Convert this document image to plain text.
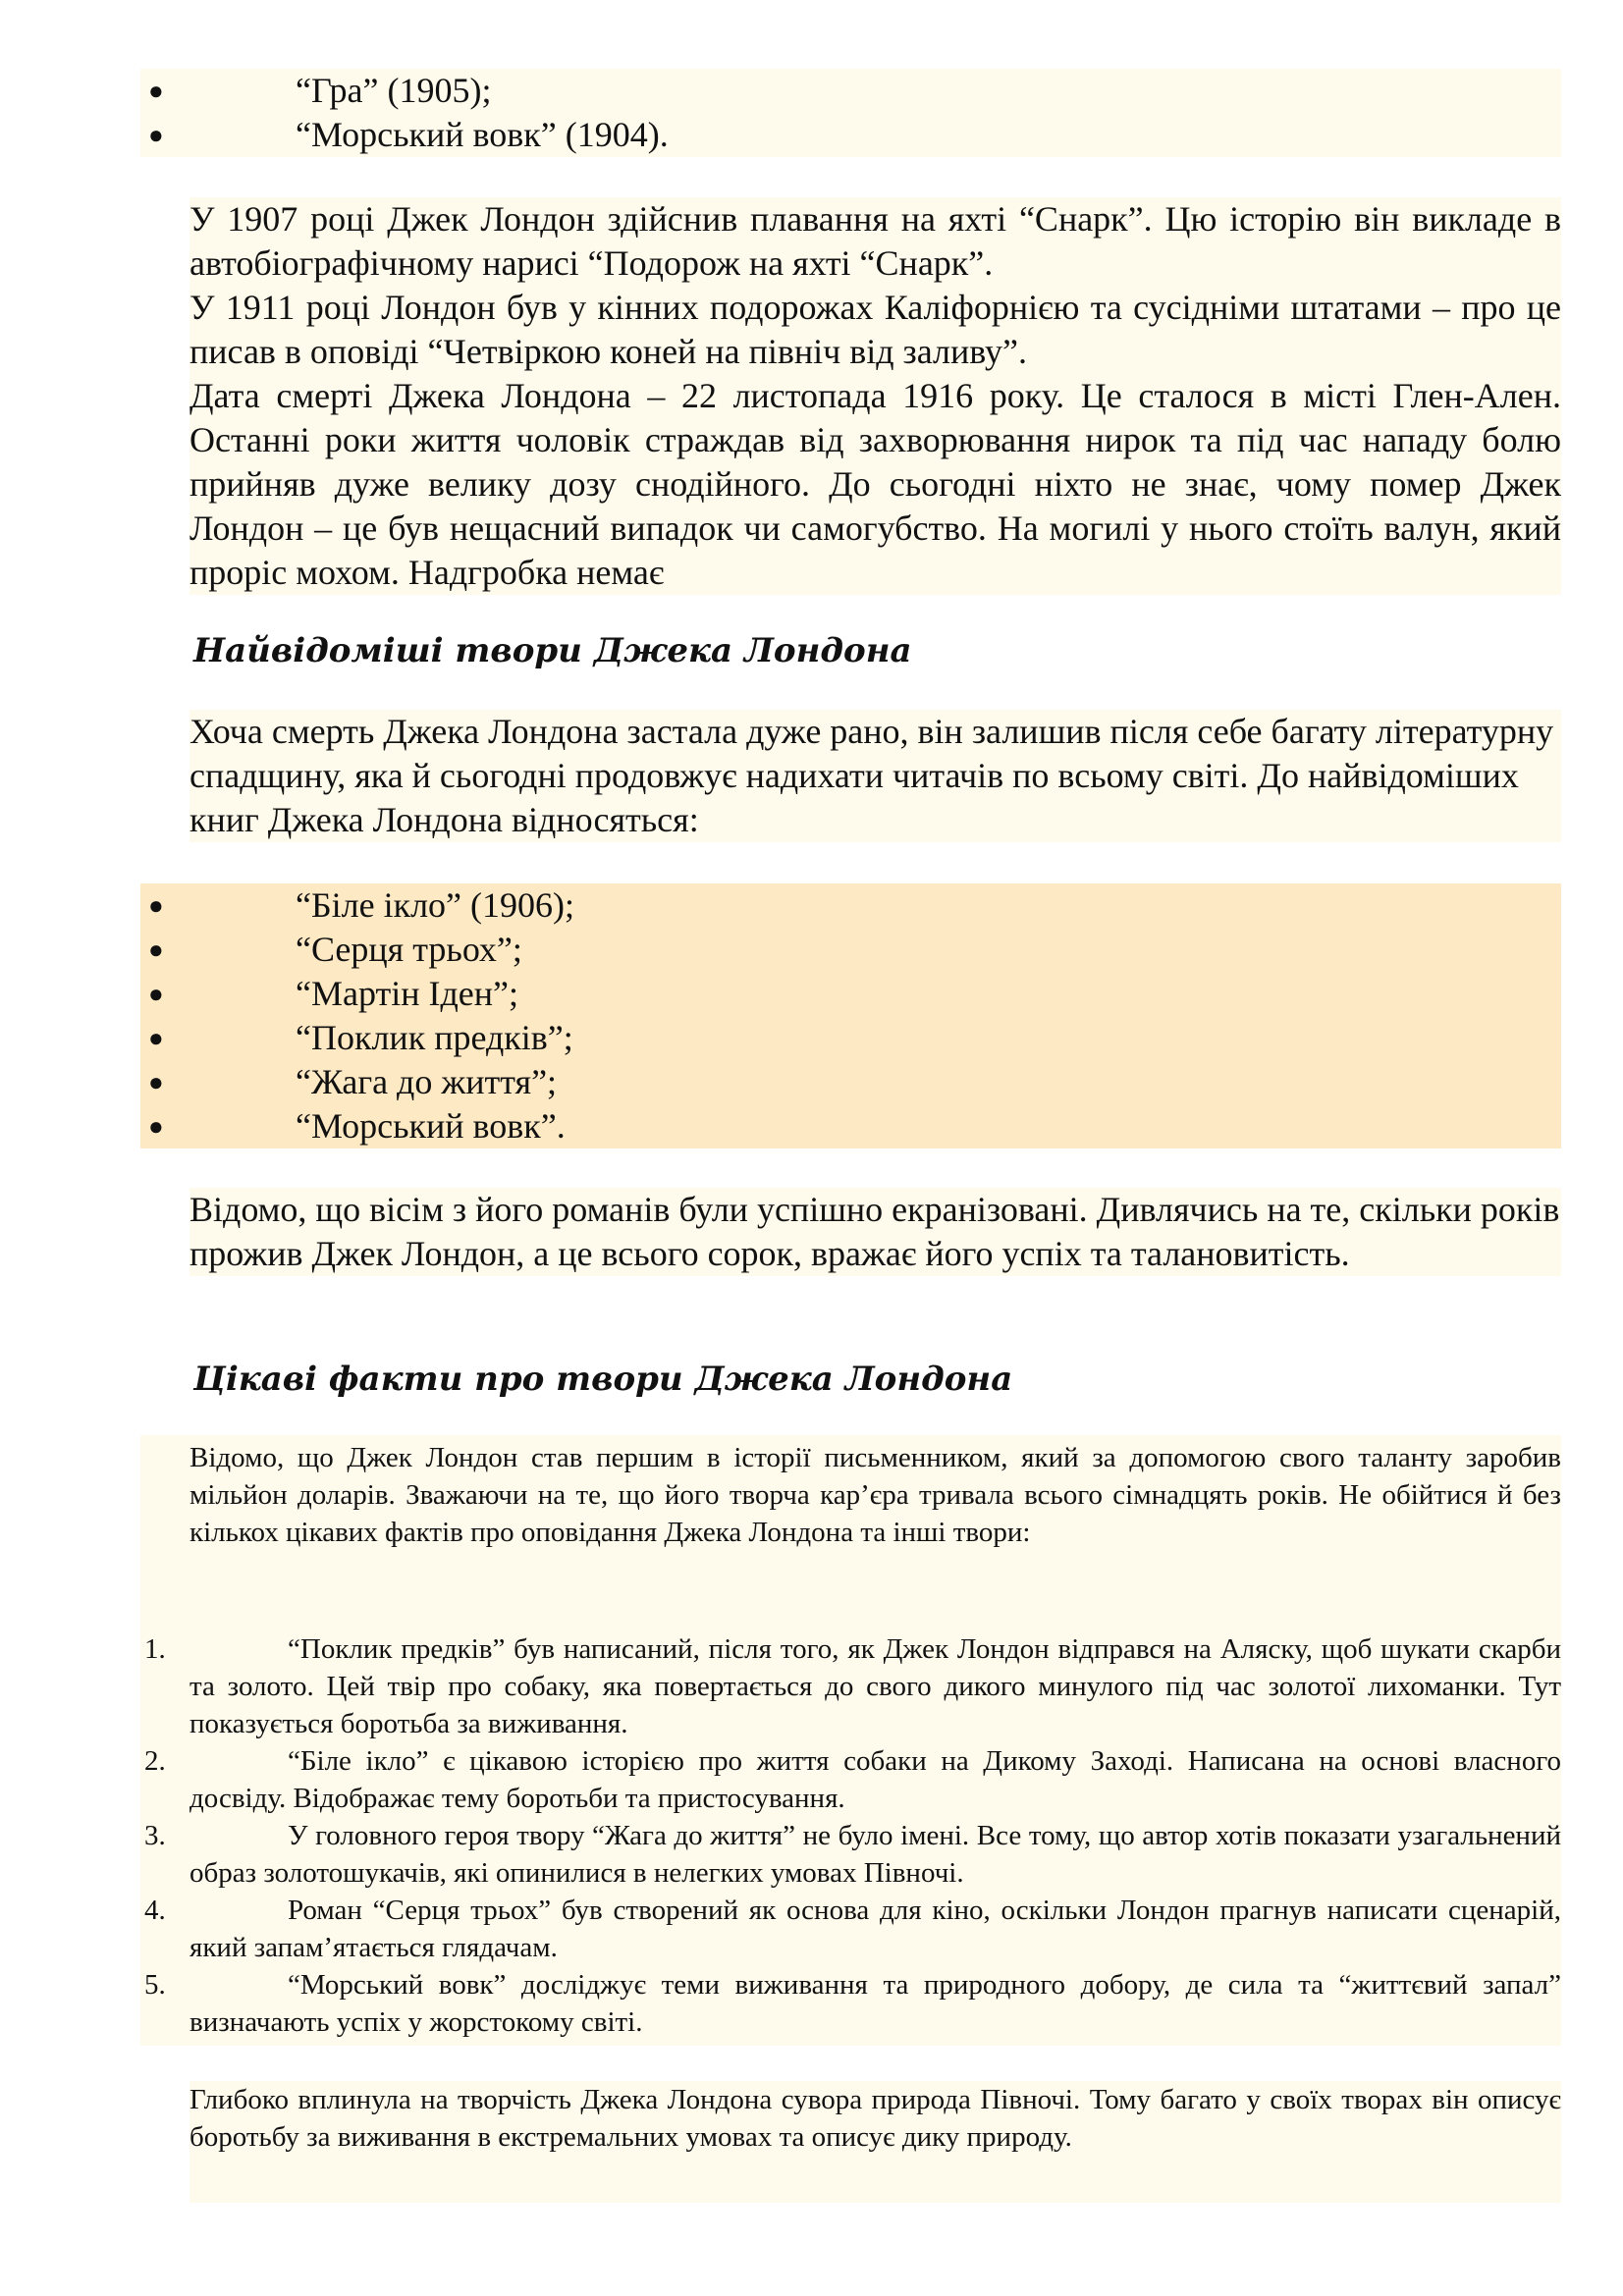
●	“Гра” (1905);
●	“Морський вовк” (1904).

У 1907 році Джек Лондон здійснив плавання на яхті “Снарк”. Цю історію він викладе в автобіографічному нарисі “Подорож на яхті “Снарк”.

У 1911 році Лондон був у кінних подорожах Каліфорнією та сусідніми штатами – про це писав в оповіді “Четвіркою коней на північ від заливу”.

Дата смерті Джека Лондона – 22 листопада 1916 року. Це сталося в місті Глен-Ален. Останні роки життя чоловік страждав від захворювання нирок та під час нападу болю прийняв дуже велику дозу снодійного. До сьогодні ніхто не знає, чому помер Джек Лондон – це був нещасний випадок чи самогубство. На могилі у нього стоїть валун, який проріс мохом. Надгробка немає

Найвідоміші твори Джека Лондона

Хоча смерть Джека Лондона застала дуже рано, він залишив після себе багату літературну спадщину, яка й сьогодні продовжує надихати читачів по всьому світі. До найвідоміших книг Джека Лондона відносяться:

●	“Біле ікло” (1906);
●	“Серця трьох”;
●	“Мартін Іден”;
●	“Поклик предків”;
●	“Жага до життя”;
●	“Морський вовк”.

Відомо, що вісім з його романів були успішно екранізовані. Дивлячись на те, скільки років прожив Джек Лондон, а це всього сорок, вражає його успіх та талановитість.

Цікаві факти про твори Джека Лондона

Відомо, що Джек Лондон став першим в історії письменником, який за допомогою свого таланту заробив мільйон доларів. Зважаючи на те, що його творча кар’єра тривала всього сімнадцять років. Не обійтися й без кількох цікавих фактів про оповідання Джека Лондона та інші твори:

1.	“Поклик предків” був написаний, після того, як Джек Лондон відправся на Аляску, щоб шукати скарби та золото. Цей твір про собаку, яка повертається до свого дикого минулого під час золотої лихоманки. Тут показується боротьба за виживання.

2.	“Біле ікло” є цікавою історією про життя собаки на Дикому Заході. Написана на основі власного досвіду. Відображає тему боротьби та пристосування.

3.	У головного героя твору “Жага до життя” не було імені. Все тому, що автор хотів показати узагальнений образ золотошукачів, які опинилися в нелегких умовах Півночі.

4.	Роман “Серця трьох” був створений як основа для кіно, оскільки Лондон прагнув написати сценарій, який запам’ятається глядачам.

5.	“Морський вовк” досліджує теми виживання та природного добору, де сила та “життєвий запал” визначають успіх у жорстокому світі.

Глибоко вплинула на творчість Джека Лондона сувора природа Півночі. Тому багато у своїх творах він описує боротьбу за виживання в екстремальних умовах та описує дику природу.
